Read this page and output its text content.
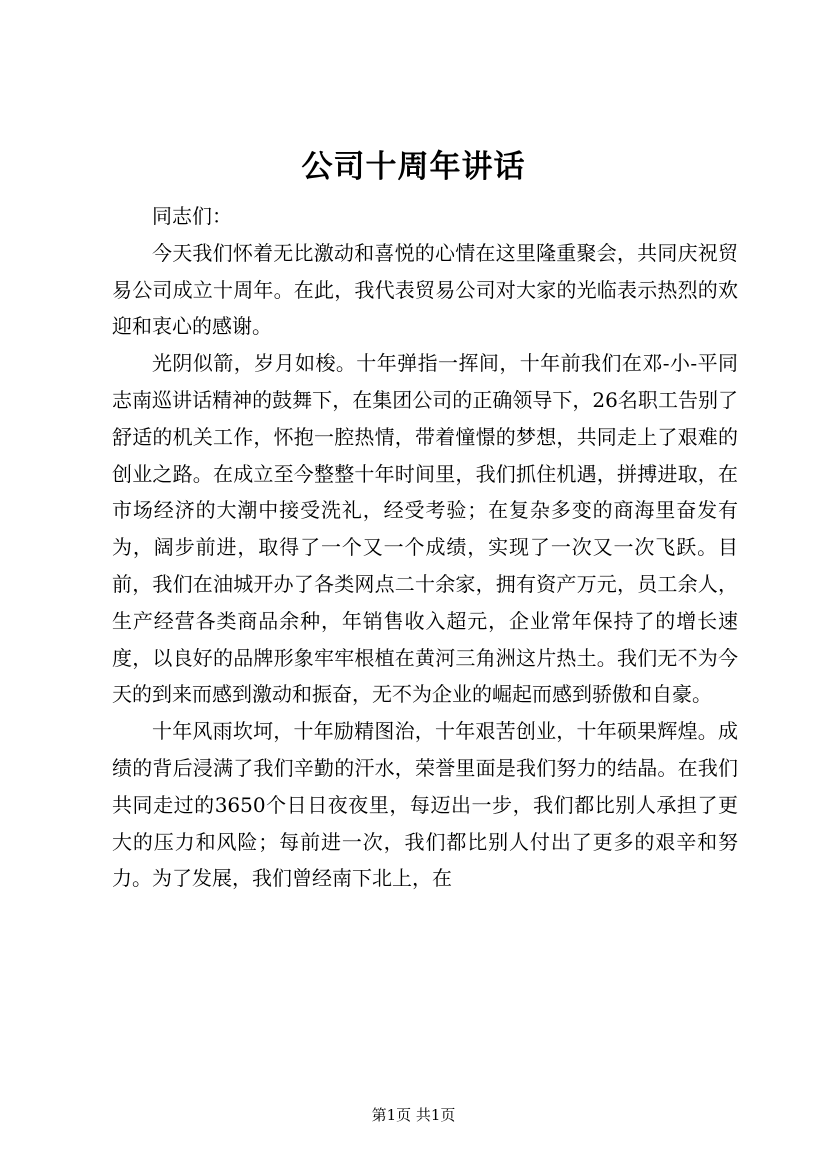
公司十周年讲话

同志们：

今天我们怀着无比激动和喜悦的心情在这里隆重聚会，共同庆祝贸易公司成立十周年。在此，我代表贸易公司对大家的光临表示热烈的欢迎和衷心的感谢。

光阴似箭，岁月如梭。十年弹指一挥间，十年前我们在邓-小-平同志南巡讲话精神的鼓舞下，在集团公司的正确领导下，26名职工告别了舒适的机关工作，怀抱一腔热情，带着憧憬的梦想，共同走上了艰难的创业之路。在成立至今整整十年时间里，我们抓住机遇，拼搏进取，在市场经济的大潮中接受洗礼，经受考验；在复杂多变的商海里奋发有为，阔步前进，取得了一个又一个成绩，实现了一次又一次飞跃。目前，我们在油城开办了各类网点二十余家，拥有资产万元，员工余人，生产经营各类商品余种，年销售收入超元，企业常年保持了的增长速度，以良好的品牌形象牢牢根植在黄河三角洲这片热土。我们无不为今天的到来而感到激动和振奋，无不为企业的崛起而感到骄傲和自豪。

十年风雨坎坷，十年励精图治，十年艰苦创业，十年硕果辉煌。成绩的背后浸满了我们辛勤的汗水，荣誉里面是我们努力的结晶。在我们共同走过的3650个日日夜夜里，每迈出一步，我们都比别人承担了更大的压力和风险；每前进一次，我们都比别人付出了更多的艰辛和努力。为了发展，我们曾经南下北上，在

第1页 共1页
